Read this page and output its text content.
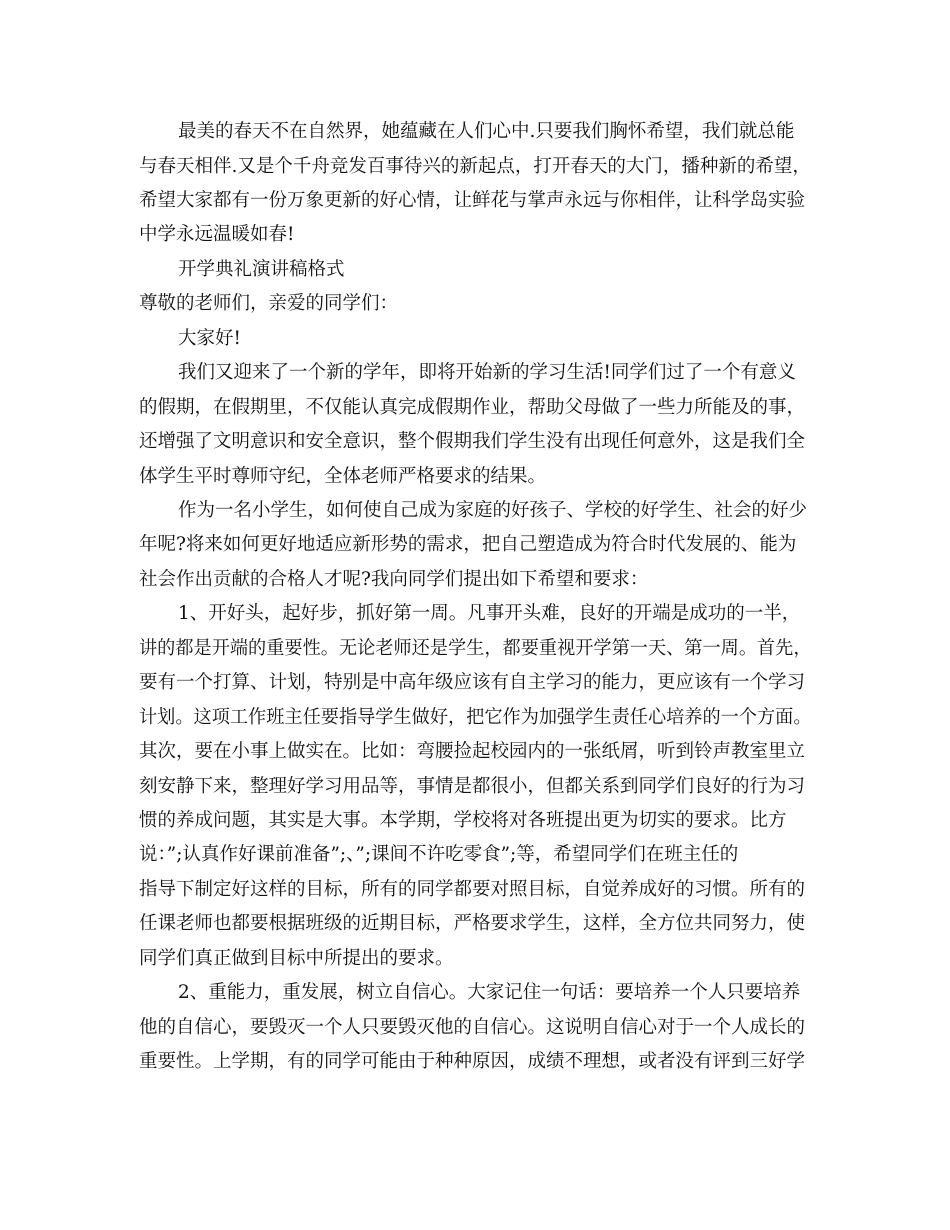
最美的春天不在自然界，她蕴藏在人们心中.只要我们胸怀希望，我们就总能
与春天相伴.又是个千舟竞发百事待兴的新起点，打开春天的大门，播种新的希望，
希望大家都有一份万象更新的好心情，让鲜花与掌声永远与你相伴，让科学岛实验
中学永远温暖如春!
开学典礼演讲稿格式
尊敬的老师们，亲爱的同学们：
大家好!
我们又迎来了一个新的学年，即将开始新的学习生活!同学们过了一个有意义
的假期，在假期里，不仅能认真完成假期作业，帮助父母做了一些力所能及的事，
还增强了文明意识和安全意识，整个假期我们学生没有出现任何意外，这是我们全
体学生平时尊师守纪，全体老师严格要求的结果。
作为一名小学生，如何使自己成为家庭的好孩子、学校的好学生、社会的好少
年呢?将来如何更好地适应新形势的需求，把自己塑造成为符合时代发展的、能为
社会作出贡献的合格人才呢?我向同学们提出如下希望和要求：
1、开好头，起好步，抓好第一周。凡事开头难，良好的开端是成功的一半，
讲的都是开端的重要性。无论老师还是学生，都要重视开学第一天、第一周。首先，
要有一个打算、计划，特别是中高年级应该有自主学习的能力，更应该有一个学习
计划。这项工作班主任要指导学生做好，把它作为加强学生责任心培养的一个方面。
其次，要在小事上做实在。比如：弯腰捡起校园内的一张纸屑，听到铃声教室里立
刻安静下来，整理好学习用品等，事情是都很小，但都关系到同学们良好的行为习
惯的养成问题，其实是大事。本学期，学校将对各班提出更为切实的要求。比方
说：”;认真作好课前准备”;、”;课间不许吃零食”;等，希望同学们在班主任的
指导下制定好这样的目标，所有的同学都要对照目标，自觉养成好的习惯。所有的
任课老师也都要根据班级的近期目标，严格要求学生，这样，全方位共同努力，使
同学们真正做到目标中所提出的要求。
2、重能力，重发展，树立自信心。大家记住一句话：要培养一个人只要培养
他的自信心，要毁灭一个人只要毁灭他的自信心。这说明自信心对于一个人成长的
重要性。上学期，有的同学可能由于种种原因，成绩不理想，或者没有评到三好学
